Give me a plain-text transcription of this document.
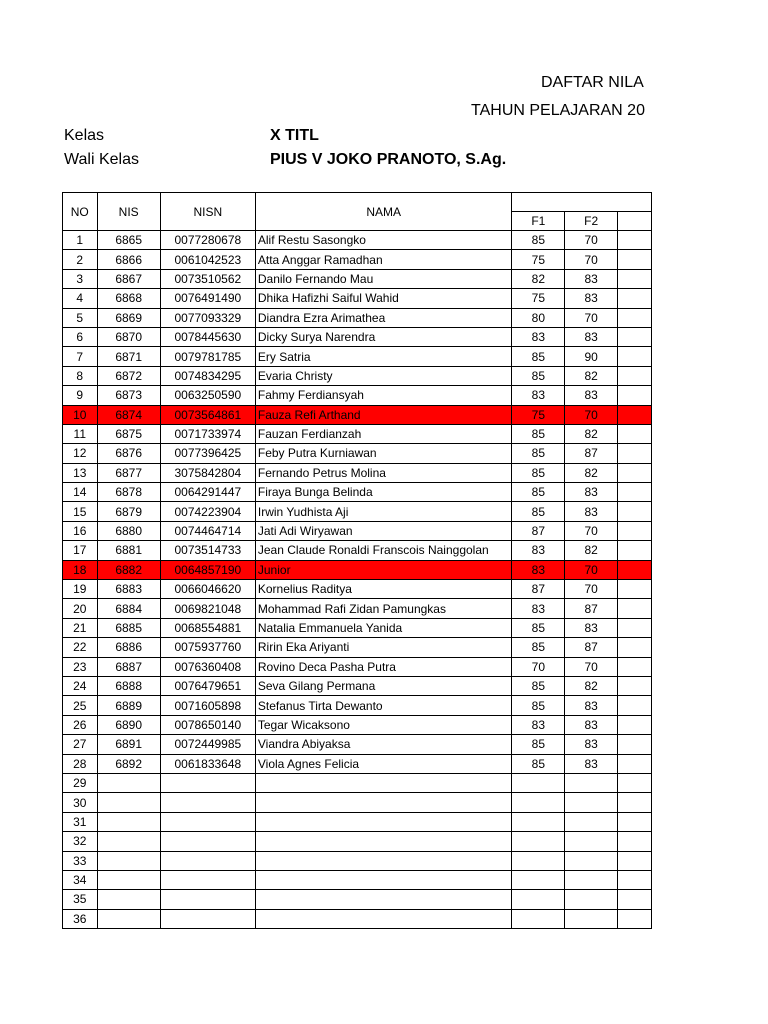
DAFTAR NILA
TAHUN PELAJARAN 20
Kelas	X TITL
Wali Kelas	PIUS V JOKO PRANOTO, S.Ag.
NO	NIS	NISN	NAMA			
				F1	F2	
1	6865	0077280678	Alif Restu Sasongko	85	70	
2	6866	0061042523	Atta Anggar Ramadhan	75	70	
3	6867	0073510562	Danilo Fernando Mau	82	83	
4	6868	0076491490	Dhika Hafizhi Saiful Wahid	75	83	
5	6869	0077093329	Diandra Ezra Arimathea	80	70	
6	6870	0078445630	Dicky Surya Narendra	83	83	
7	6871	0079781785	Ery Satria	85	90	
8	6872	0074834295	Evaria Christy	85	82	
9	6873	0063250590	Fahmy Ferdiansyah	83	83	
10	6874	0073564861	Fauza Refi Arthand	75	70	
11	6875	0071733974	Fauzan Ferdianzah	85	82	
12	6876	0077396425	Feby Putra Kurniawan	85	87	
13	6877	3075842804	Fernando Petrus Molina	85	82	
14	6878	0064291447	Firaya Bunga Belinda	85	83	
15	6879	0074223904	Irwin Yudhista Aji	85	83	
16	6880	0074464714	Jati Adi Wiryawan	87	70	
17	6881	0073514733	Jean Claude Ronaldi Franscois Nainggolan	83	82	
18	6882	0064857190	Junior	83	70	
19	6883	0066046620	Kornelius Raditya	87	70	
20	6884	0069821048	Mohammad Rafi Zidan Pamungkas	83	87	
21	6885	0068554881	Natalia Emmanuela Yanida	85	83	
22	6886	0075937760	Ririn Eka Ariyanti	85	87	
23	6887	0076360408	Rovino Deca Pasha Putra	70	70	
24	6888	0076479651	Seva Gilang Permana	85	82	
25	6889	0071605898	Stefanus Tirta Dewanto	85	83	
26	6890	0078650140	Tegar Wicaksono	83	83	
27	6891	0072449985	Viandra Abiyaksa	85	83	
28	6892	0061833648	Viola Agnes Felicia	85	83	
29						
30						
31						
32						
33						
34						
35						
36						
